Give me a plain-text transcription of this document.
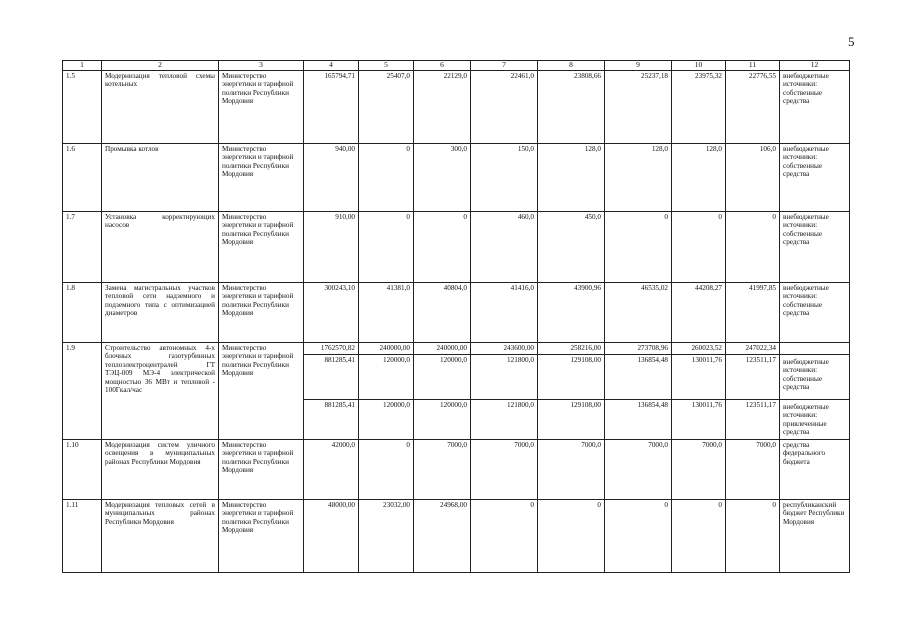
5
1	2	3	4	5	6	7	8	9	10	11	12
1.5	Модернизация тепловой схемы котельных	Министерство энергетики и тарифной политики Республики Мордовия	165794,71	25407,0	22129,0	22461,0	23808,66	25237,18	23975,32	22776,55	внебюджетные источники: собственные средства
1.6	Промывка котлов	Министерство энергетики и тарифной политики Республики Мордовия	940,00	0	300,0	150,0	128,0	128,0	128,0	106,0	внебюджетные источники: собственные средства
1.7	Установка корректирующих насосов	Министерство энергетики и тарифной политики Республики Мордовия	910,00	0	0	460,0	450,0	0	0	0	внебюджетные источники: собственные средства
1.8	Замена магистральных участков тепловой сети надземного и подземного типа с оптимизацией диаметров	Министерство энергетики и тарифной политики Республики Мордовия	300243,10	41381,0	40804,0	41416,0	43900,96	46535,02	44208,27	41997,85	внебюджетные источники: собственные средства
1.9	Строительство автономных 4-х блочных газотурбинных теплоэлектроцентралей ГТ ТЭЦ-009 МЭ-4 электрической мощностью 36 МВт и тепловой - 100Гкал/час	Министерство энергетики и тарифной политики Республики Мордовия	1762570,82	240000,00	240000,00	243600,00	258216,00	273708,96	260023,52	247022,34	
			881285,41	120000,0	120000,0	121800,0	129108,00	136854,48	130011,76	123511,17	внебюджетные источники: собственные средства
			881285,41	120000,0	120000,0	121800,0	129108,00	136854,48	130011,76	123511,17	внебюджетные источники: привлеченные средства
1.10	Модернизация систем уличного освещения в муниципальных районах Республики Мордовия	Министерство энергетики и тарифной политики Республики Мордовия	42000,0	0	7000,0	7000,0	7000,0	7000,0	7000,0	7000,0	средства федерального бюджета
1.11	Модернизация тепловых сетей в муниципальных районах Республики Мордовия	Министерство энергетики и тарифной политики Республики Мордовия	48000,00	23032,00	24968,00	0	0	0	0	0	республиканский бюджет Республики Мордовия
